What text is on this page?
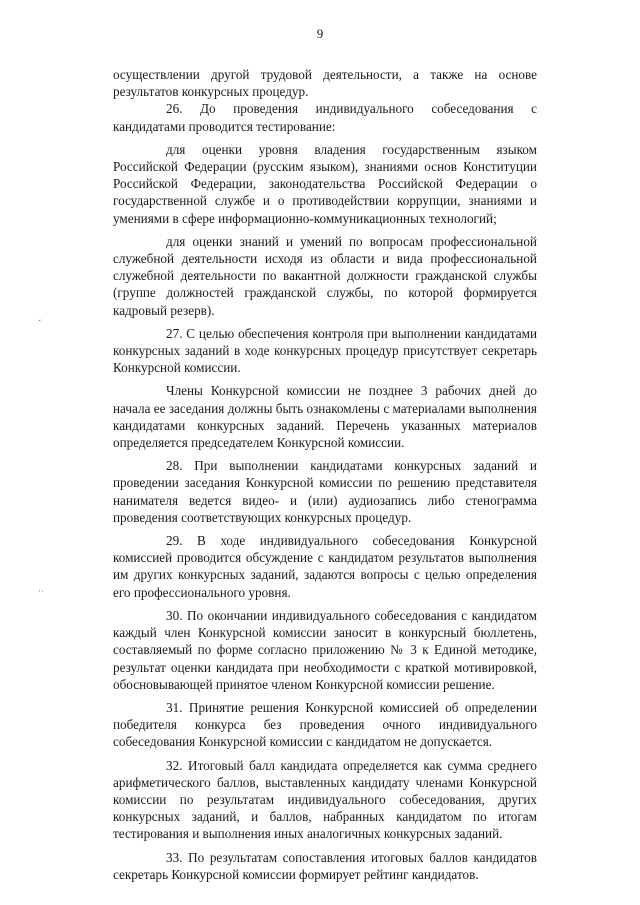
9
ˇ
··

осуществлении другой трудовой деятельности, а также на основе результатов конкурсных процедур.

26. До проведения индивидуального собеседования с кандидатами проводится тестирование:

для оценки уровня владения государственным языком Российской Федерации (русским языком), знаниями основ Конституции Российской Федерации, законодательства Российской Федерации о государственной службе и о противодействии коррупции, знаниями и умениями в сфере информационно-коммуникационных технологий;

для оценки знаний и умений по вопросам профессиональной служебной деятельности исходя из области и вида профессиональной служебной деятельности по вакантной должности гражданской службы (группе должностей гражданской службы, по которой формируется кадровый резерв).

27. С целью обеспечения контроля при выполнении кандидатами конкурсных заданий в ходе конкурсных процедур присутствует секретарь Конкурсной комиссии.

Члены Конкурсной комиссии не позднее 3 рабочих дней до начала ее заседания должны быть ознакомлены с материалами выполнения кандидатами конкурсных заданий. Перечень указанных материалов определяется председателем Конкурсной комиссии.

28. При выполнении кандидатами конкурсных заданий и проведении заседания Конкурсной комиссии по решению представителя нанимателя ведется видео- и (или) аудиозапись либо стенограмма проведения соответствующих конкурсных процедур.

29. В ходе индивидуального собеседования Конкурсной комиссией проводится обсуждение с кандидатом результатов выполнения им других конкурсных заданий, задаются вопросы с целью определения его профессионального уровня.

30. По окончании индивидуального собеседования с кандидатом каждый член Конкурсной комиссии заносит в конкурсный бюллетень, составляемый по форме согласно приложению № 3 к Единой методике, результат оценки кандидата при необходимости с краткой мотивировкой, обосновывающей принятое членом Конкурсной комиссии решение.

31. Принятие решения Конкурсной комиссией об определении победителя конкурса без проведения очного индивидуального собеседования Конкурсной комиссии с кандидатом не допускается.

32. Итоговый балл кандидата определяется как сумма среднего арифметического баллов, выставленных кандидату членами Конкурсной комиссии по результатам индивидуального собеседования, других конкурсных заданий, и баллов, набранных кандидатом по итогам тестирования и выполнения иных аналогичных конкурсных заданий.

33. По результатам сопоставления итоговых баллов кандидатов секретарь Конкурсной комиссии формирует рейтинг кандидатов.
